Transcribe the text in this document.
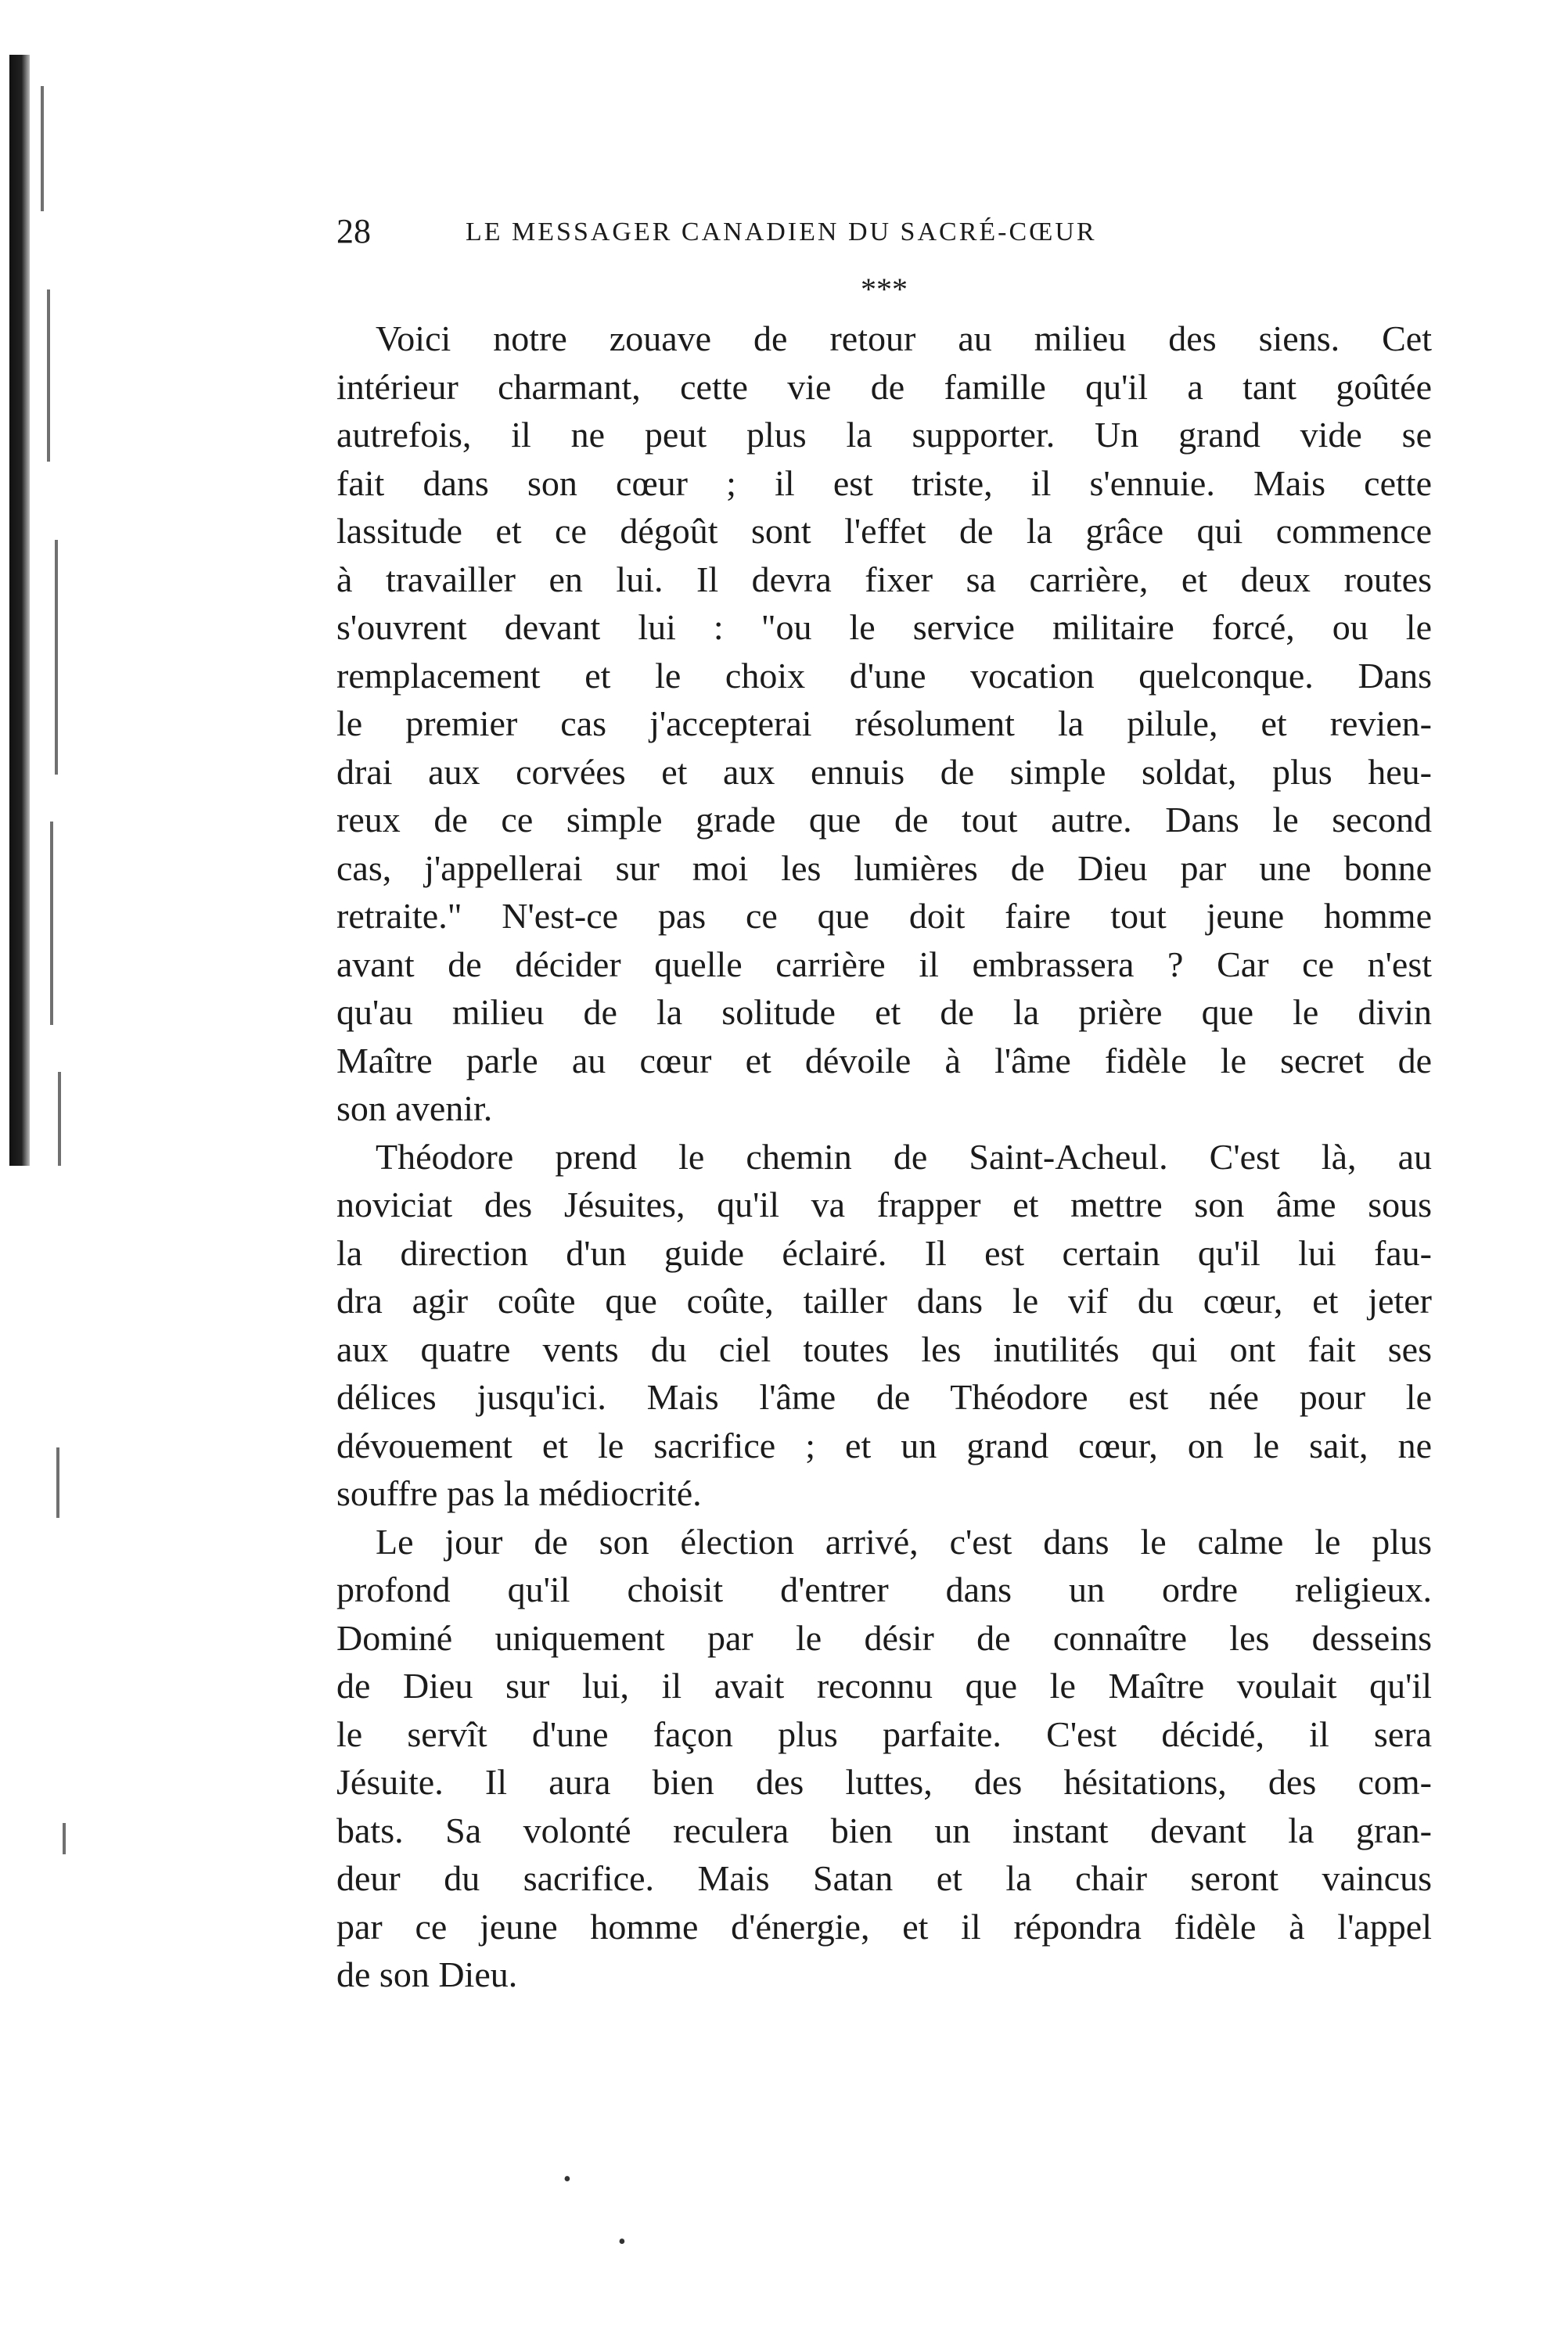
28	LE MESSAGER CANADIEN DU SACRÉ-CŒUR
***

Voici notre zouave de retour au milieu des siens. Cet
intérieur charmant, cette vie de famille qu'il a tant goûtée
autrefois, il ne peut plus la supporter. Un grand vide se
fait dans son cœur ; il est triste, il s'ennuie. Mais cette
lassitude et ce dégoût sont l'effet de la grâce qui commence
à travailler en lui. Il devra fixer sa carrière, et deux routes
s'ouvrent devant lui : "ou le service militaire forcé, ou le
remplacement et le choix d'une vocation quelconque. Dans
le premier cas j'accepterai résolument la pilule, et revien-
drai aux corvées et aux ennuis de simple soldat, plus heu-
reux de ce simple grade que de tout autre. Dans le second
cas, j'appellerai sur moi les lumières de Dieu par une bonne
retraite." N'est-ce pas ce que doit faire tout jeune homme
avant de décider quelle carrière il embrassera ? Car ce n'est
qu'au milieu de la solitude et de la prière que le divin
Maître parle au cœur et dévoile à l'âme fidèle le secret de
son avenir.

Théodore prend le chemin de Saint-Acheul. C'est là, au
noviciat des Jésuites, qu'il va frapper et mettre son âme sous
la direction d'un guide éclairé. Il est certain qu'il lui fau-
dra agir coûte que coûte, tailler dans le vif du cœur, et jeter
aux quatre vents du ciel toutes les inutilités qui ont fait ses
délices jusqu'ici. Mais l'âme de Théodore est née pour le
dévouement et le sacrifice ; et un grand cœur, on le sait, ne
souffre pas la médiocrité.

Le jour de son élection arrivé, c'est dans le calme le plus
profond qu'il choisit d'entrer dans un ordre religieux.
Dominé uniquement par le désir de connaître les desseins
de Dieu sur lui, il avait reconnu que le Maître voulait qu'il
le servît d'une façon plus parfaite. C'est décidé, il sera
Jésuite. Il aura bien des luttes, des hésitations, des com-
bats. Sa volonté reculera bien un instant devant la gran-
deur du sacrifice. Mais Satan et la chair seront vaincus
par ce jeune homme d'énergie, et il répondra fidèle à l'appel
de son Dieu.

•
•
